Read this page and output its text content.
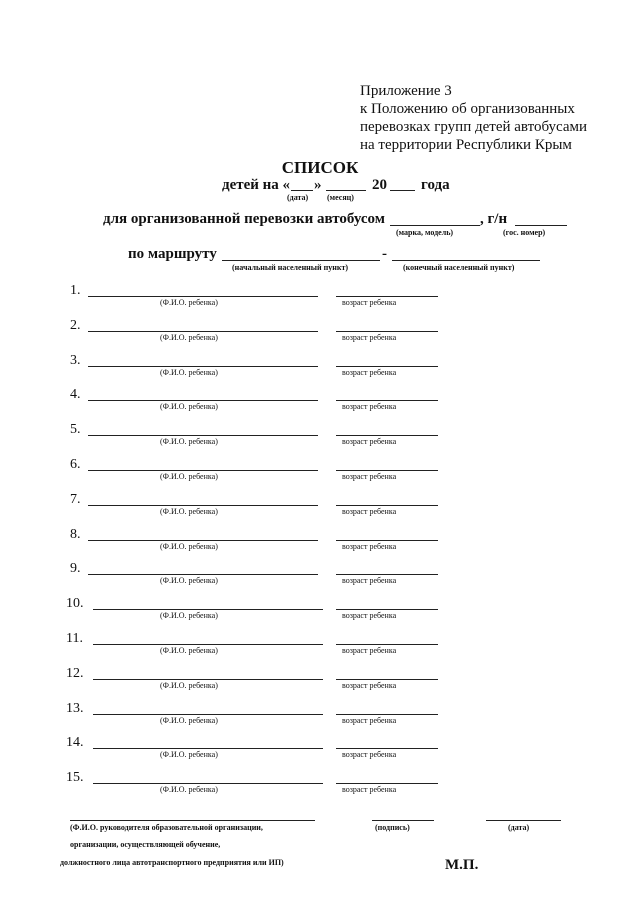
Приложение 3
к Положению об организованных
перевозках групп детей автобусами
на территории Республики Крым
СПИСОК
детей на « »	20 года
(дата) (месяц)
для организованной перевозки автобусом	, г/н
(марка, модель)	(гос. номер)
по маршруту	-
(начальный населенный пункт)	(конечный населенный пункт)
1.
(Ф.И.О. ребенка)	возраст ребенка
2.
(Ф.И.О. ребенка)	возраст ребенка
3.
(Ф.И.О. ребенка)	возраст ребенка
4.
(Ф.И.О. ребенка)	возраст ребенка
5.
(Ф.И.О. ребенка)	возраст ребенка
6.
(Ф.И.О. ребенка)	возраст ребенка
7.
(Ф.И.О. ребенка)	возраст ребенка
8.
(Ф.И.О. ребенка)	возраст ребенка
9.
(Ф.И.О. ребенка)	возраст ребенка
10.
(Ф.И.О. ребенка)	возраст ребенка
11.
(Ф.И.О. ребенка)	возраст ребенка
12.
(Ф.И.О. ребенка)	возраст ребенка
13.
(Ф.И.О. ребенка)	возраст ребенка
14.
(Ф.И.О. ребенка)	возраст ребенка
15.
(Ф.И.О. ребенка)	возраст ребенка
(Ф.И.О. руководителя образовательной организации,	(подпись)	(дата)
организации, осуществляющей обучение,
должностного лица автотранспортного предприятия или ИП)	М.П.
